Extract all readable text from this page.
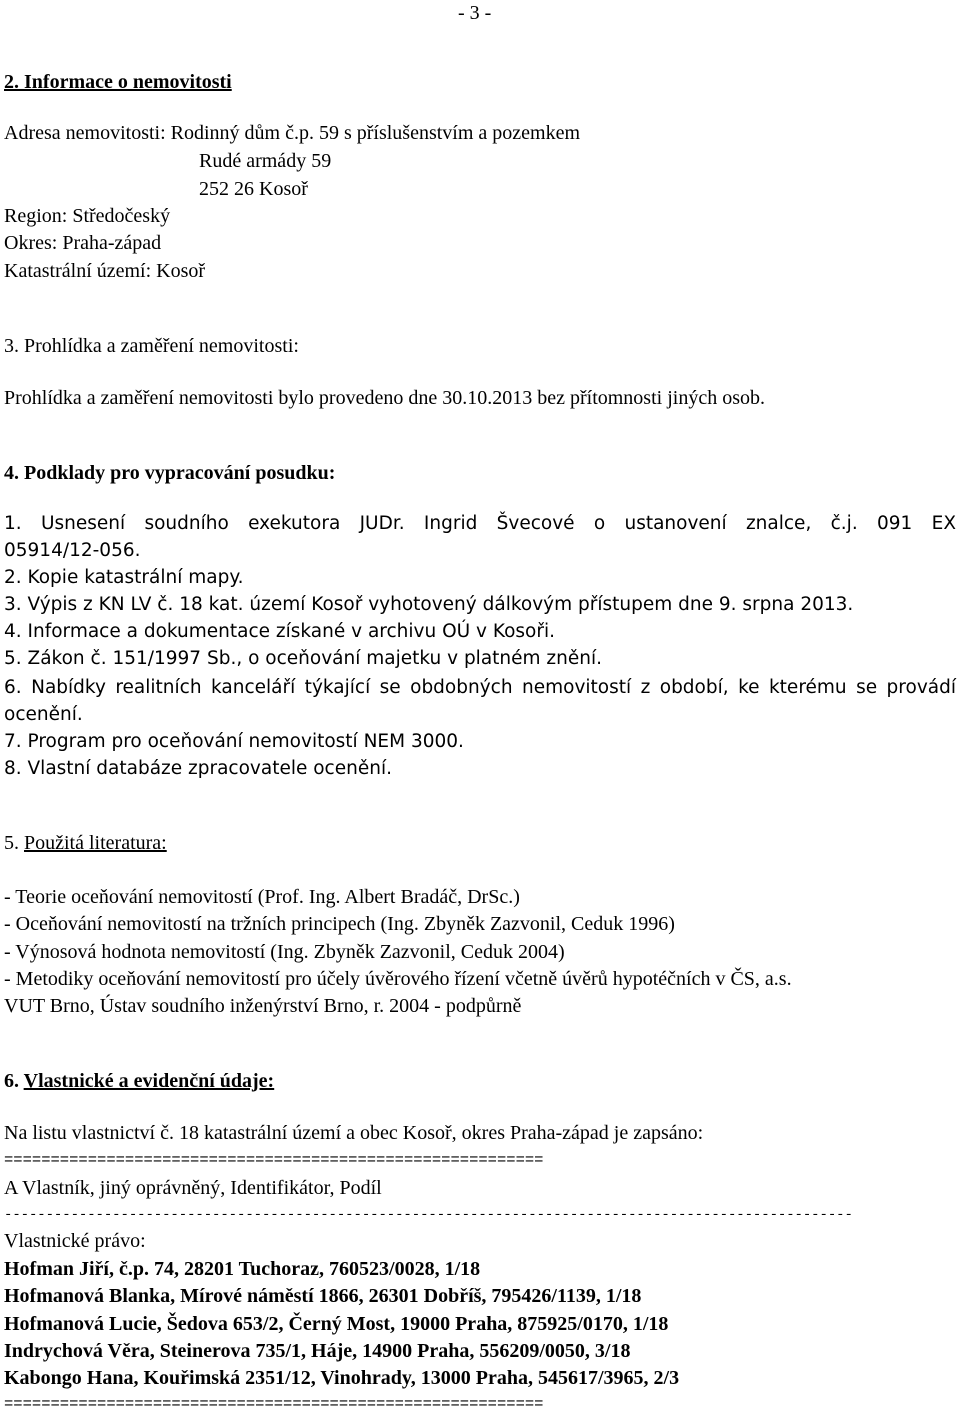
- 3 -
2. Informace o nemovitosti
Adresa nemovitosti: Rodinný dům č.p. 59 s příslušenstvím a pozemkem
Rudé armády 59
252 26 Kosoř
Region: Středočeský
Okres: Praha-západ
Katastrální území: Kosoř
3. Prohlídka a zaměření nemovitosti:
Prohlídka a zaměření nemovitosti bylo provedeno dne 30.10.2013 bez přítomnosti jiných osob.
4. Podklady pro vypracování posudku:
1. Usnesení soudního exekutora JUDr. Ingrid Švecové o ustanovení znalce, č.j. 091 EX
05914/12-056.
2. Kopie katastrální mapy.
3. Výpis z KN LV č. 18 kat. území Kosoř vyhotovený dálkovým přístupem dne 9. srpna 2013.
4. Informace a dokumentace získané v archivu OÚ v Kosoři.
5. Zákon č. 151/1997 Sb., o oceňování majetku v platném znění.
6. Nabídky realitních kanceláří týkající se obdobných nemovitostí z období, ke kterému se provádí
ocenění.
7. Program pro oceňování nemovitostí NEM 3000.
8. Vlastní databáze zpracovatele ocenění.
5. Použitá literatura:
- Teorie oceňování nemovitostí (Prof. Ing. Albert Bradáč, DrSc.)
- Oceňování nemovitostí na tržních principech (Ing. Zbyněk Zazvonil, Ceduk 1996)
- Výnosová hodnota nemovitostí (Ing. Zbyněk Zazvonil, Ceduk 2004)
- Metodiky oceňování nemovitostí pro účely úvěrového řízení včetně úvěrů hypotéčních v ČS, a.s.
VUT Brno, Ústav soudního inženýrství Brno, r. 2004 - podpůrně
6. Vlastnické a evidenční údaje:
Na listu vlastnictví č. 18 katastrální území a obec Kosoř, okres Praha-západ je zapsáno:
==========================================================
A Vlastník, jiný oprávněný, Identifikátor, Podíl
------------------------------------------------------------------------------------------------------
Vlastnické právo:
Hofman Jiří, č.p. 74, 28201 Tuchoraz, 760523/0028, 1/18
Hofmanová Blanka, Mírové náměstí 1866, 26301 Dobříš, 795426/1139, 1/18
Hofmanová Lucie, Šedova 653/2, Černý Most, 19000 Praha, 875925/0170, 1/18
Indrychová Věra, Steinerova 735/1, Háje, 14900 Praha, 556209/0050, 3/18
Kabongo Hana, Kouřimská 2351/12, Vinohrady, 13000 Praha, 545617/3965, 2/3
==========================================================
